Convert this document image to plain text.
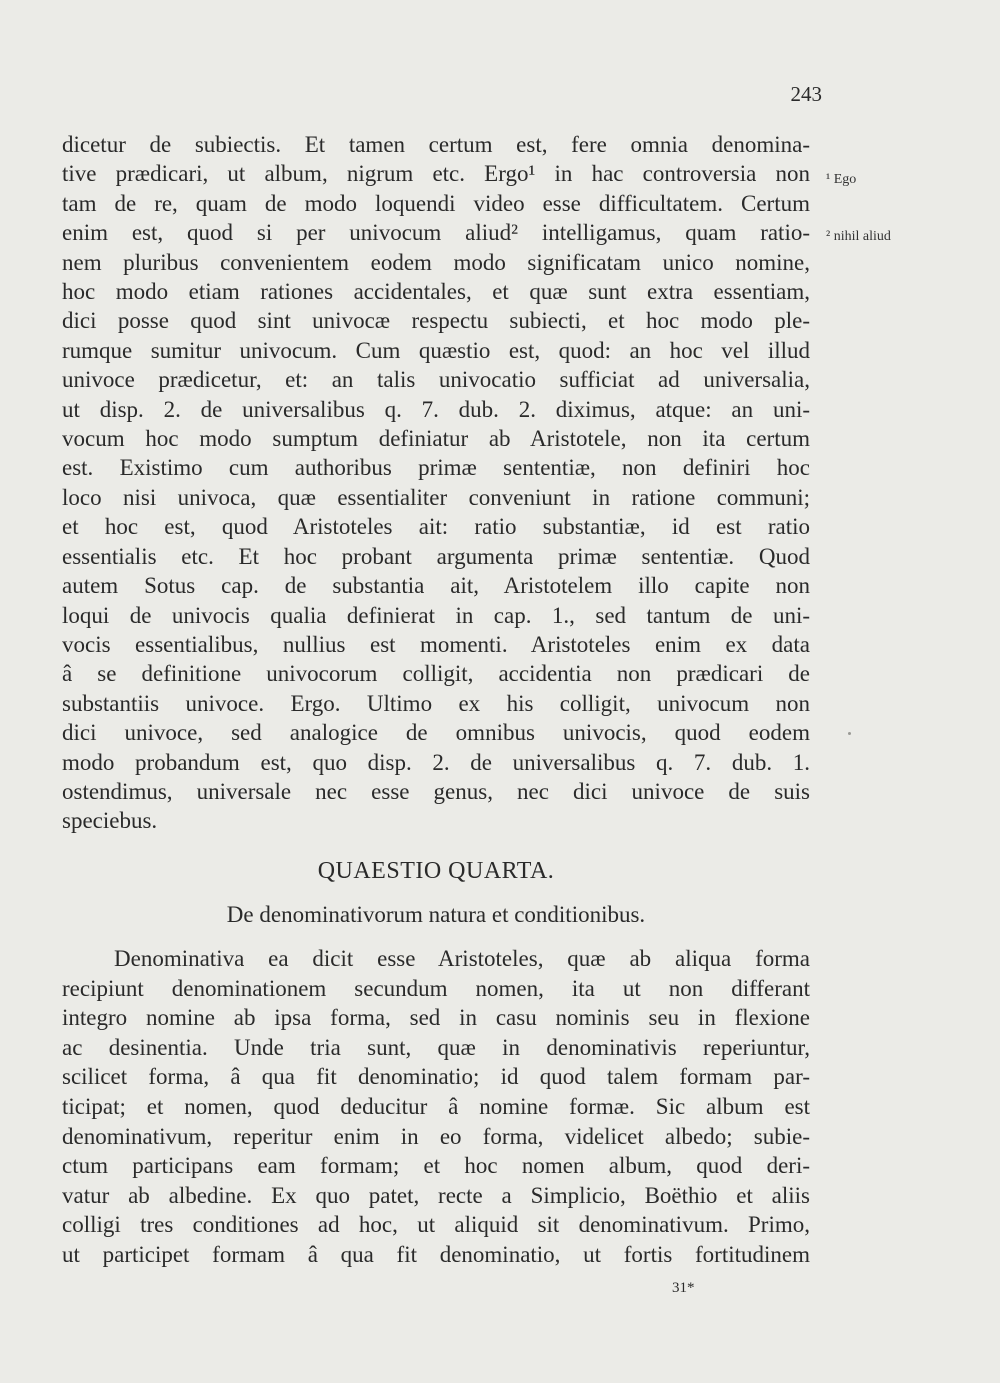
243
¹ Ego
² nihil aliud
dicetur de subiectis. Et tamen certum est, fere omnia denomina-
tive prædicari, ut album, nigrum etc. Ergo¹ in hac controversia non
tam de re, quam de modo loquendi video esse difficultatem. Certum
enim est, quod si per univocum aliud² intelligamus, quam ratio-
nem pluribus convenientem eodem modo significatam unico nomine,
hoc modo etiam rationes accidentales, et quæ sunt extra essentiam,
dici posse quod sint univocæ respectu subiecti, et hoc modo ple-
rumque sumitur univocum. Cum quæstio est, quod: an hoc vel illud
univoce prædicetur, et: an talis univocatio sufficiat ad universalia,
ut disp. 2. de universalibus q. 7. dub. 2. diximus, atque: an uni-
vocum hoc modo sumptum definiatur ab Aristotele, non ita certum
est. Existimo cum authoribus primæ sententiæ, non definiri hoc
loco nisi univoca, quæ essentialiter conveniunt in ratione communi;
et hoc est, quod Aristoteles ait: ratio substantiæ, id est ratio
essentialis etc. Et hoc probant argumenta primæ sententiæ. Quod
autem Sotus cap. de substantia ait, Aristotelem illo capite non
loqui de univocis qualia definierat in cap. 1., sed tantum de uni-
vocis essentialibus, nullius est momenti. Aristoteles enim ex data
â se definitione univocorum colligit, accidentia non prædicari de
substantiis univoce. Ergo. Ultimo ex his colligit, univocum non
dici univoce, sed analogice de omnibus univocis, quod eodem
modo probandum est, quo disp. 2. de universalibus q. 7. dub. 1.
ostendimus, universale nec esse genus, nec dici univoce de suis
speciebus.
QUAESTIO QUARTA.
De denominativorum natura et conditionibus.
Denominativa ea dicit esse Aristoteles, quæ ab aliqua forma
recipiunt denominationem secundum nomen, ita ut non differant
integro nomine ab ipsa forma, sed in casu nominis seu in flexione
ac desinentia. Unde tria sunt, quæ in denominativis reperiuntur,
scilicet forma, â qua fit denominatio; id quod talem formam par-
ticipat; et nomen, quod deducitur â nomine formæ. Sic album est
denominativum, reperitur enim in eo forma, videlicet albedo; subie-
ctum participans eam formam; et hoc nomen album, quod deri-
vatur ab albedine. Ex quo patet, recte a Simplicio, Boëthio et aliis
colligi tres conditiones ad hoc, ut aliquid sit denominativum. Primo,
ut participet formam â qua fit denominatio, ut fortis fortitudinem
31*
